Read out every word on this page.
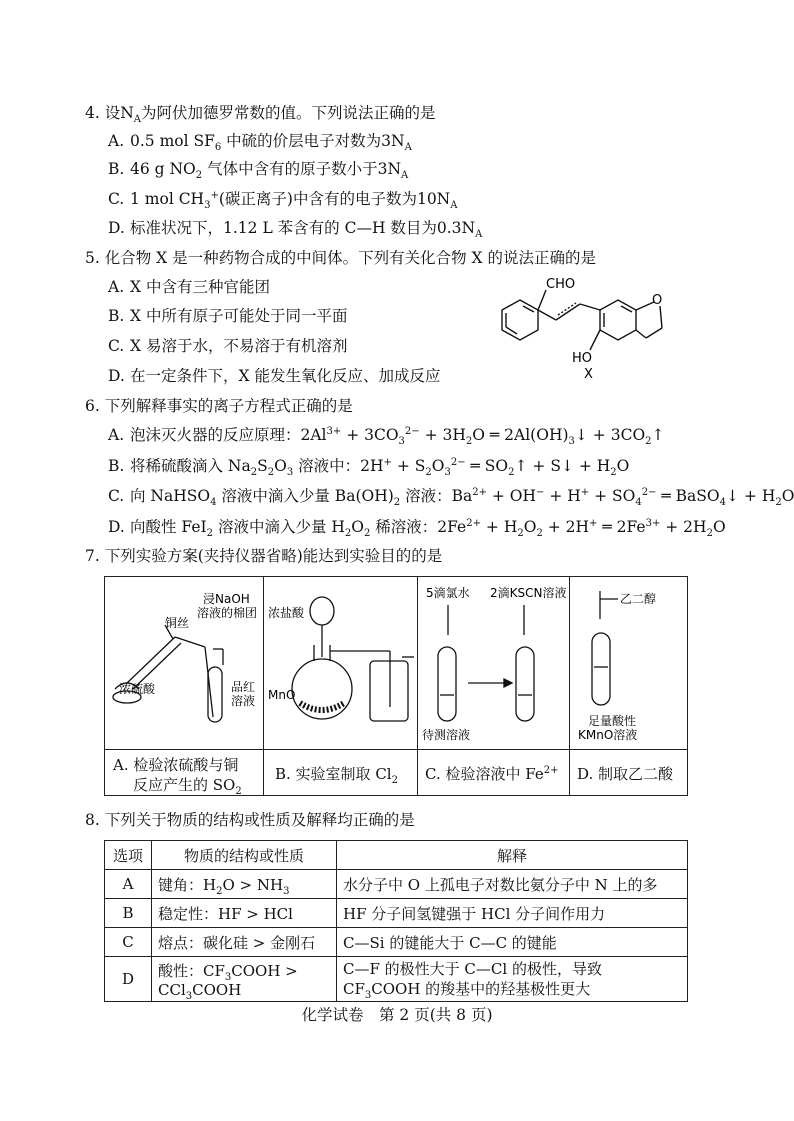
4. 设$N_A$为阿伏加德罗常数的值。下列说法正确的是
A. 0.5 mol $SF_6$ 中硫的价层电子对数为$3N_A$
B. 46 g $NO_2$ 气体中含有的原子数小于$3N_A$
C. 1 mol $CH_3^+$(碳正离子)中含有的电子数为$10N_A$
D. 标准状况下，1.12 L 苯含有的 C—H 数目为$0.3N_A$
5. 化合物 X 是一种药物合成的中间体。下列有关化合物 X 的说法正确的是
A. X 中含有三种官能团
B. X 中所有原子可能处于同一平面
C. X 易溶于水，不易溶于有机溶剂
D. 在一定条件下，X 能发生氧化反应、加成反应
CHO
O
HO
X
6. 下列解释事实的离子方程式正确的是
A. 泡沫灭火器的反应原理：$2Al^{3+} + 3CO_3^{2-} + 3H_2O$ ═ $2Al(OH)_3↓$ + $3CO_2↑$
B. 将稀硫酸滴入 $Na_2S_2O_3$ 溶液中：$2H^+ + S_2O_3^{2-}$ ═ $SO_2↑$ + S↓ + $H_2O$
C. 向 NaHSO$_4$ 溶液中滴入少量 $Ba(OH)_2$ 溶液：$Ba^{2+} + OH^- + H^+ + SO_4^{2-}$ ═ BaSO$_4$↓ + $H_2O$
D. 向酸性 FeI$_2$ 溶液中滴入少量 $H_2O_2$ 稀溶液：$2Fe^{2+} + H_2O_2 + 2H^+$ ═ $2Fe^{3+} + 2H_2O$
7. 下列实验方案(夹持仪器省略)能达到实验目的的是
铜丝
浸NaOH
溶液的棉团
浓硫酸	品红
溶液
浓盐酸
MnO
5滴氯水 2滴KSCN溶液
待测溶液
乙二醇
足量酸性
KMnO溶液
A. 检验浓硫酸与铜
反应产生的 $SO_2$
B. 实验室制取 $Cl_2$ C. 检验溶液中 $Fe^{2+}$ D. 制取乙二酸
8. 下列关于物质的结构或性质及解释均正确的是
选项	物质的结构或性质	解释
A	键角：$H_2O > NH_3$	水分子中 O 上孤电子对数比氨分子中 N 上的多
B	稳定性：HF > HCl	HF 分子间氢键强于 HCl 分子间作用力
C	熔点：碳化硅 > 金刚石	C—Si 的键能大于 C—C 的键能
D	酸性：$CF_3COOH$ > CCl$_3$COOH	C—F 的极性大于 C—Cl 的极性，导致
$CF_3COOH$ 的羧基中的羟基极性更大
化学试卷　第 2 页(共 8 页)
